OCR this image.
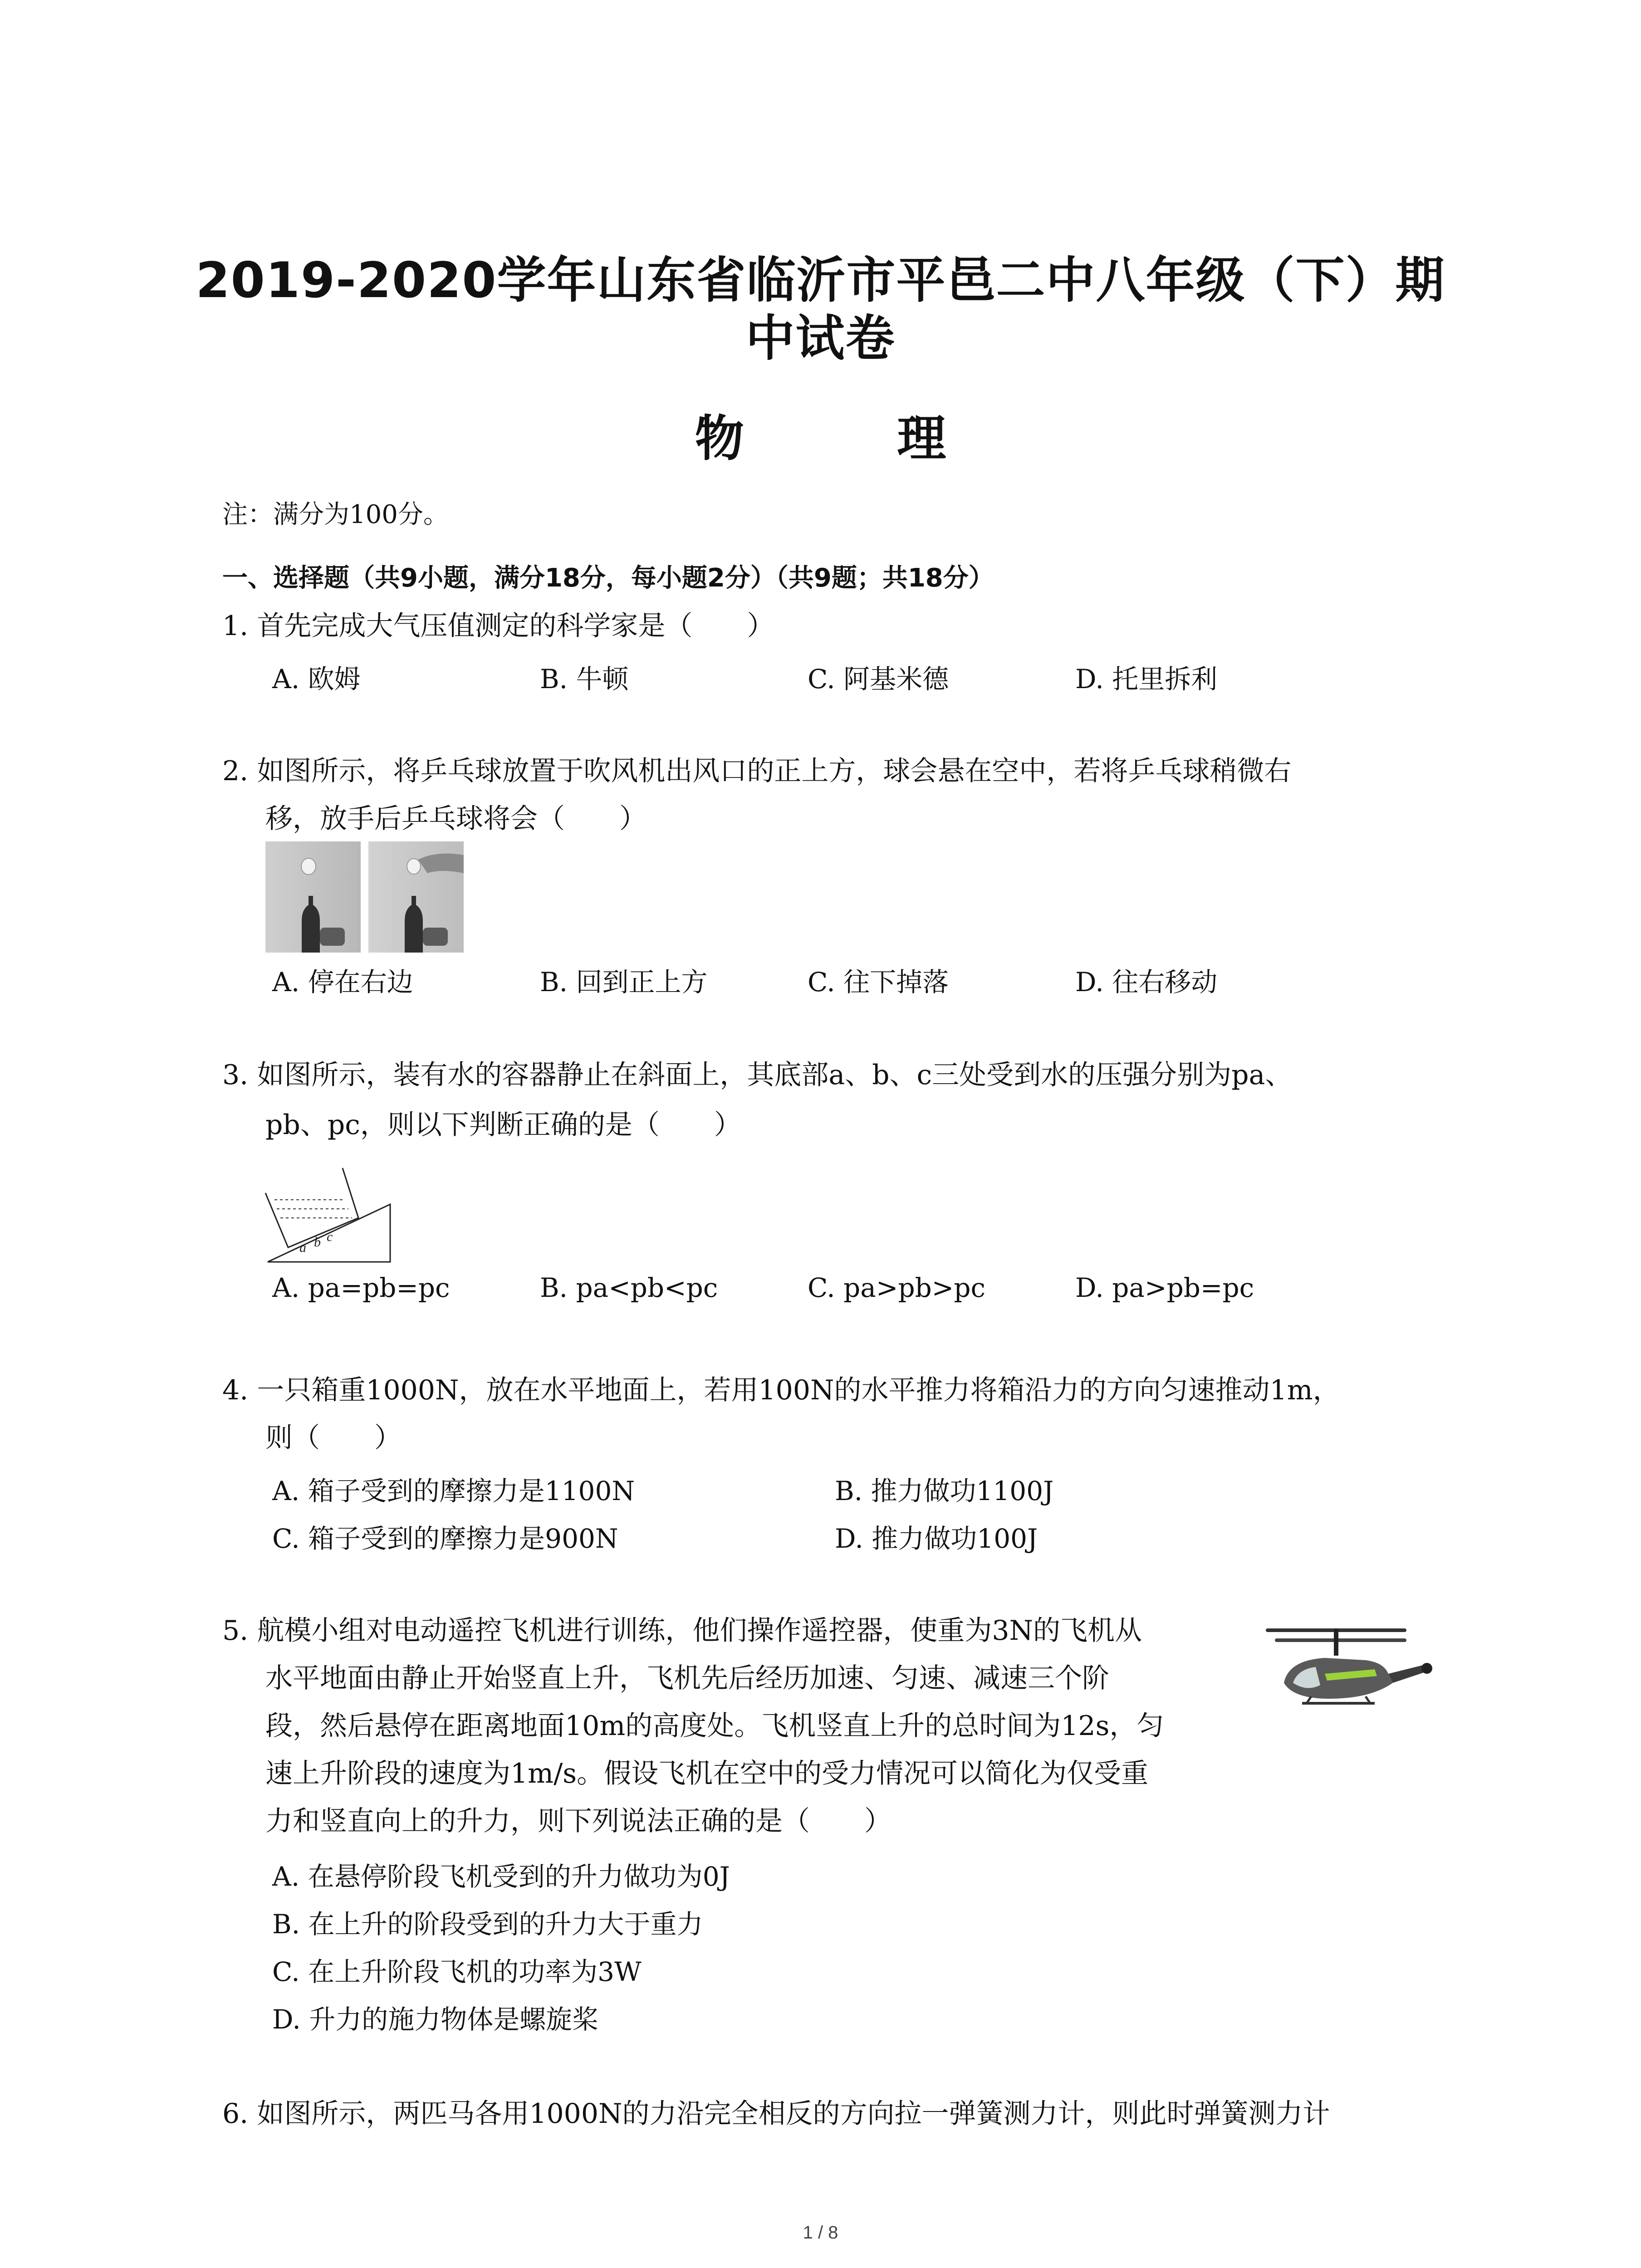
2019-2020学年山东省临沂市平邑二中八年级（下）期
中试卷
物 理
注：满分为100分。
一、选择题（共9小题，满分18分，每小题2分）（共9题；共18分）
1. 首先完成大气压值测定的科学家是（　　）
A. 欧姆	B. 牛顿	C. 阿基米德	D. 托里拆利
2. 如图所示，将乒乓球放置于吹风机出风口的正上方，球会悬在空中，若将乒乓球稍微右
移，放手后乒乓球将会（　　）
A. 停在右边	B. 回到正上方	C. 往下掉落	D. 往右移动
3. 如图所示，装有水的容器静止在斜面上，其底部a、b、c三处受到水的压强分别为pa、
pb、pc，则以下判断正确的是（　　）
a b c
A. pa=pb=pc	B. pa<pb<pc	C. pa>pb>pc	D. pa>pb=pc
4. 一只箱重1000N，放在水平地面上，若用100N的水平推力将箱沿力的方向匀速推动1m，
则（　　）
A. 箱子受到的摩擦力是1100N	B. 推力做功1100J
C. 箱子受到的摩擦力是900N	D. 推力做功100J
5. 航模小组对电动遥控飞机进行训练，他们操作遥控器，使重为3N的飞机从
水平地面由静止开始竖直上升，飞机先后经历加速、匀速、减速三个阶
段，然后悬停在距离地面10m的高度处。飞机竖直上升的总时间为12s，匀
速上升阶段的速度为1m/s。假设飞机在空中的受力情况可以简化为仅受重
力和竖直向上的升力，则下列说法正确的是（　　）
A. 在悬停阶段飞机受到的升力做功为0J
B. 在上升的阶段受到的升力大于重力
C. 在上升阶段飞机的功率为3W
D. 升力的施力物体是螺旋桨
6. 如图所示，两匹马各用1000N的力沿完全相反的方向拉一弹簧测力计，则此时弹簧测力计
1 / 8
